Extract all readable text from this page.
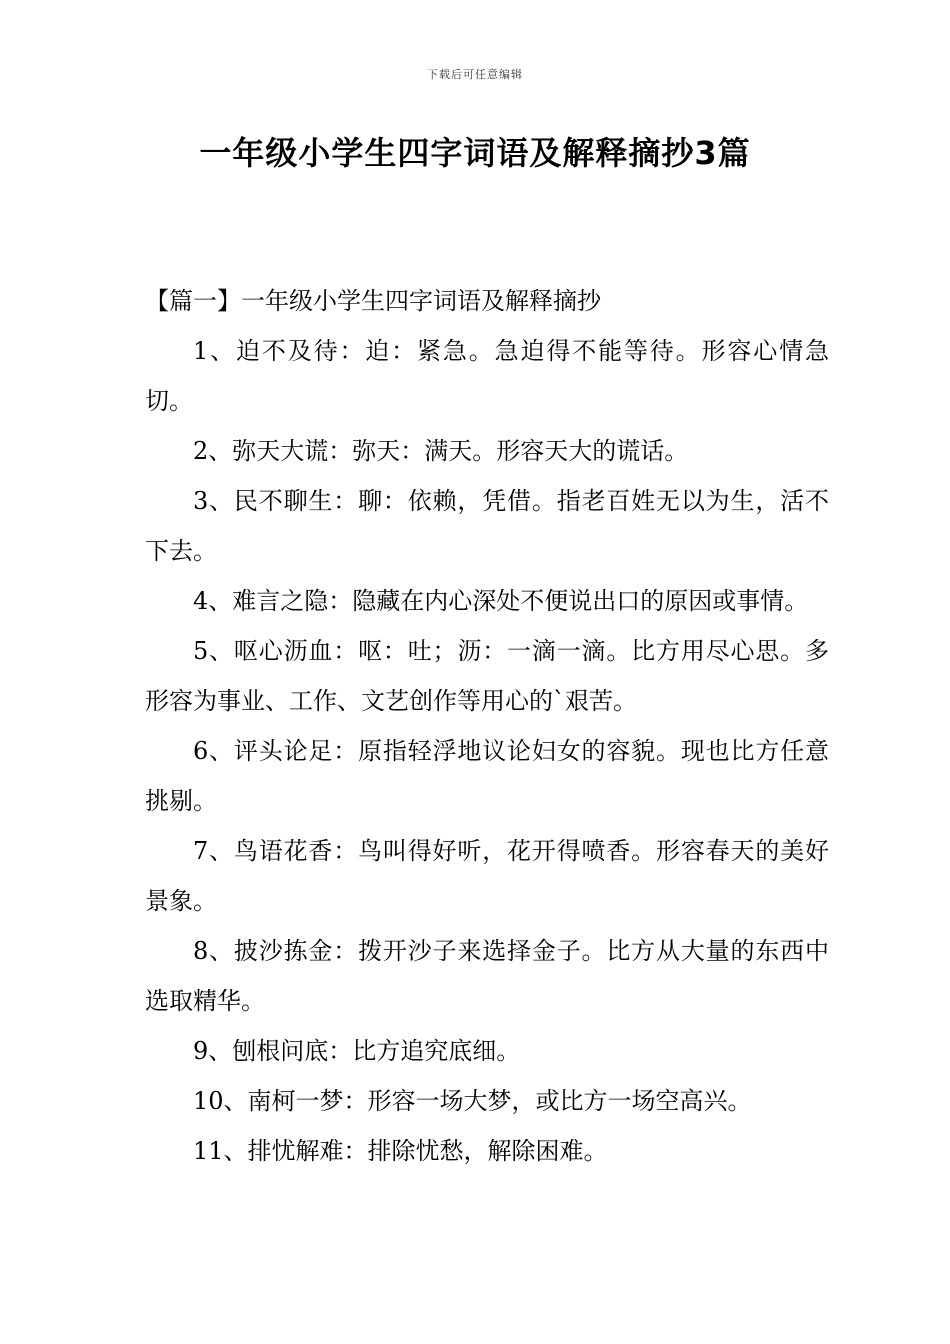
下载后可任意编辑
一年级小学生四字词语及解释摘抄3篇
【篇一】一年级小学生四字词语及解释摘抄

1、迫不及待：迫：紧急。急迫得不能等待。形容心情急切。

2、弥天大谎：弥天：满天。形容天大的谎话。

3、民不聊生：聊：依赖，凭借。指老百姓无以为生，活不下去。

4、难言之隐：隐藏在内心深处不便说出口的原因或事情。

5、呕心沥血：呕：吐；沥：一滴一滴。比方用尽心思。多形容为事业、工作、文艺创作等用心的`艰苦。

6、评头论足：原指轻浮地议论妇女的容貌。现也比方任意挑剔。

7、鸟语花香：鸟叫得好听，花开得喷香。形容春天的美好景象。

8、披沙拣金：拨开沙子来选择金子。比方从大量的东西中选取精华。

9、刨根问底：比方追究底细。

10、南柯一梦：形容一场大梦，或比方一场空高兴。

11、排忧解难：排除忧愁，解除困难。
